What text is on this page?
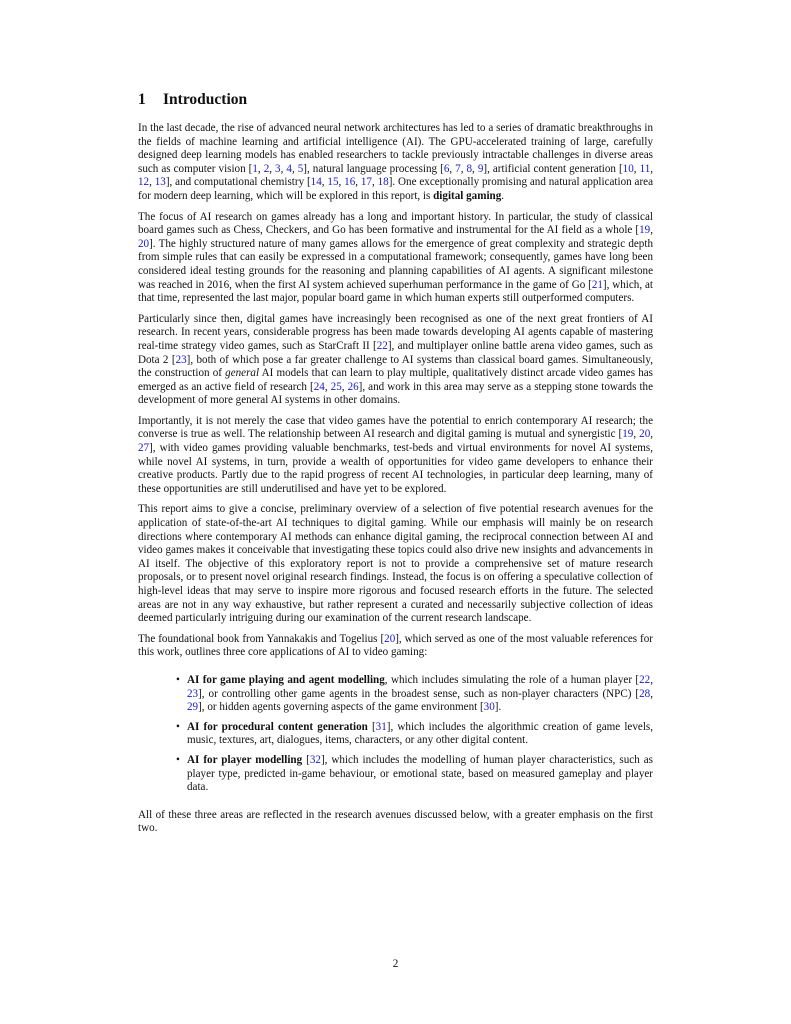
1 Introduction

In the last decade, the rise of advanced neural network architectures has led to a series of dramatic breakthroughs in the fields of machine learning and artificial intelligence (AI). The GPU-accelerated training of large, carefully designed deep learning models has enabled researchers to tackle previously intractable challenges in diverse areas such as computer vision [1, 2, 3, 4, 5], natural language processing [6, 7, 8, 9], artificial content generation [10, 11, 12, 13], and computational chemistry [14, 15, 16, 17, 18]. One exceptionally promising and natural application area for modern deep learning, which will be explored in this report, is digital gaming.

The focus of AI research on games already has a long and important history. In particular, the study of classical board games such as Chess, Checkers, and Go has been formative and instrumental for the AI field as a whole [19, 20]. The highly structured nature of many games allows for the emergence of great complexity and strategic depth from simple rules that can easily be expressed in a computational framework; consequently, games have long been considered ideal testing grounds for the reasoning and planning capabilities of AI agents. A significant milestone was reached in 2016, when the first AI system achieved superhuman performance in the game of Go [21], which, at that time, represented the last major, popular board game in which human experts still outperformed computers.

Particularly since then, digital games have increasingly been recognised as one of the next great frontiers of AI research. In recent years, considerable progress has been made towards developing AI agents capable of mastering real-time strategy video games, such as StarCraft II [22], and multiplayer online battle arena video games, such as Dota 2 [23], both of which pose a far greater challenge to AI systems than classical board games. Simultaneously, the construction of general AI models that can learn to play multiple, qualitatively distinct arcade video games has emerged as an active field of research [24, 25, 26], and work in this area may serve as a stepping stone towards the development of more general AI systems in other domains.

Importantly, it is not merely the case that video games have the potential to enrich contemporary AI research; the converse is true as well. The relationship between AI research and digital gaming is mutual and synergistic [19, 20, 27], with video games providing valuable benchmarks, test-beds and virtual environments for novel AI systems, while novel AI systems, in turn, provide a wealth of opportunities for video game developers to enhance their creative products. Partly due to the rapid progress of recent AI technologies, in particular deep learning, many of these opportunities are still underutilised and have yet to be explored.

This report aims to give a concise, preliminary overview of a selection of five potential research avenues for the application of state-of-the-art AI techniques to digital gaming. While our emphasis will mainly be on research directions where contemporary AI methods can enhance digital gaming, the reciprocal connection between AI and video games makes it conceivable that investigating these topics could also drive new insights and advancements in AI itself. The objective of this exploratory report is not to provide a comprehensive set of mature research proposals, or to present novel original research findings. Instead, the focus is on offering a speculative collection of high-level ideas that may serve to inspire more rigorous and focused research efforts in the future. The selected areas are not in any way exhaustive, but rather represent a curated and necessarily subjective collection of ideas deemed particularly intriguing during our examination of the current research landscape.

The foundational book from Yannakakis and Togelius [20], which served as one of the most valuable references for this work, outlines three core applications of AI to video gaming:

• AI for game playing and agent modelling, which includes simulating the role of a human player [22, 23], or controlling other game agents in the broadest sense, such as non-player characters (NPC) [28, 29], or hidden agents governing aspects of the game environment [30].
• AI for procedural content generation [31], which includes the algorithmic creation of game levels, music, textures, art, dialogues, items, characters, or any other digital content.
• AI for player modelling [32], which includes the modelling of human player characteristics, such as player type, predicted in-game behaviour, or emotional state, based on measured gameplay and player data.

All of these three areas are reflected in the research avenues discussed below, with a greater emphasis on the first two.

2
